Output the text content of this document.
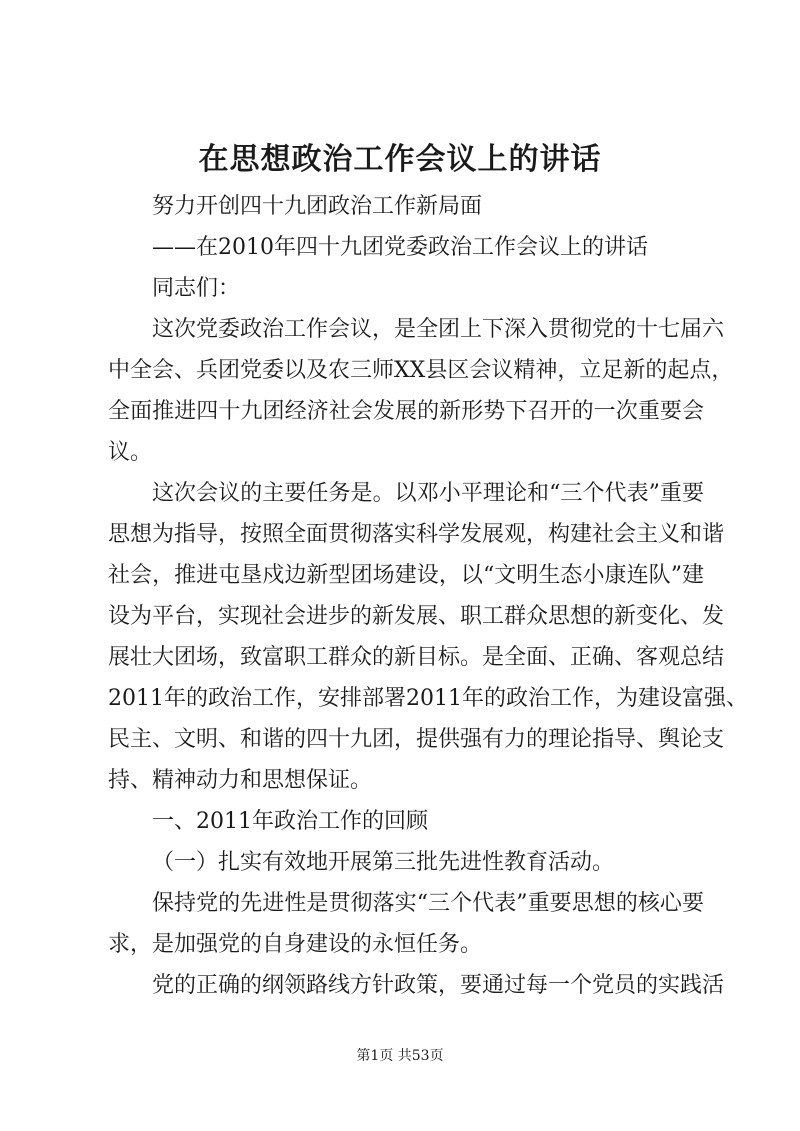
在思想政治工作会议上的讲话
努力开创四十九团政治工作新局面
——在2010年四十九团党委政治工作会议上的讲话
同志们：
这次党委政治工作会议，是全团上下深入贯彻党的十七届六
中全会、兵团党委以及农三师XX县区会议精神，立足新的起点，
全面推进四十九团经济社会发展的新形势下召开的一次重要会
议。
这次会议的主要任务是。以邓小平理论和“三个代表”重要
思想为指导，按照全面贯彻落实科学发展观，构建社会主义和谐
社会，推进屯垦戍边新型团场建设，以“文明生态小康连队”建
设为平台，实现社会进步的新发展、职工群众思想的新变化、发
展壮大团场，致富职工群众的新目标。是全面、正确、客观总结
2011年的政治工作，安排部署2011年的政治工作，为建设富强、
民主、文明、和谐的四十九团，提供强有力的理论指导、舆论支
持、精神动力和思想保证。
一、2011年政治工作的回顾
（一）扎实有效地开展第三批先进性教育活动。
保持党的先进性是贯彻落实“三个代表”重要思想的核心要
求，是加强党的自身建设的永恒任务。
党的正确的纲领路线方针政策，要通过每一个党员的实践活
第1页 共53页
